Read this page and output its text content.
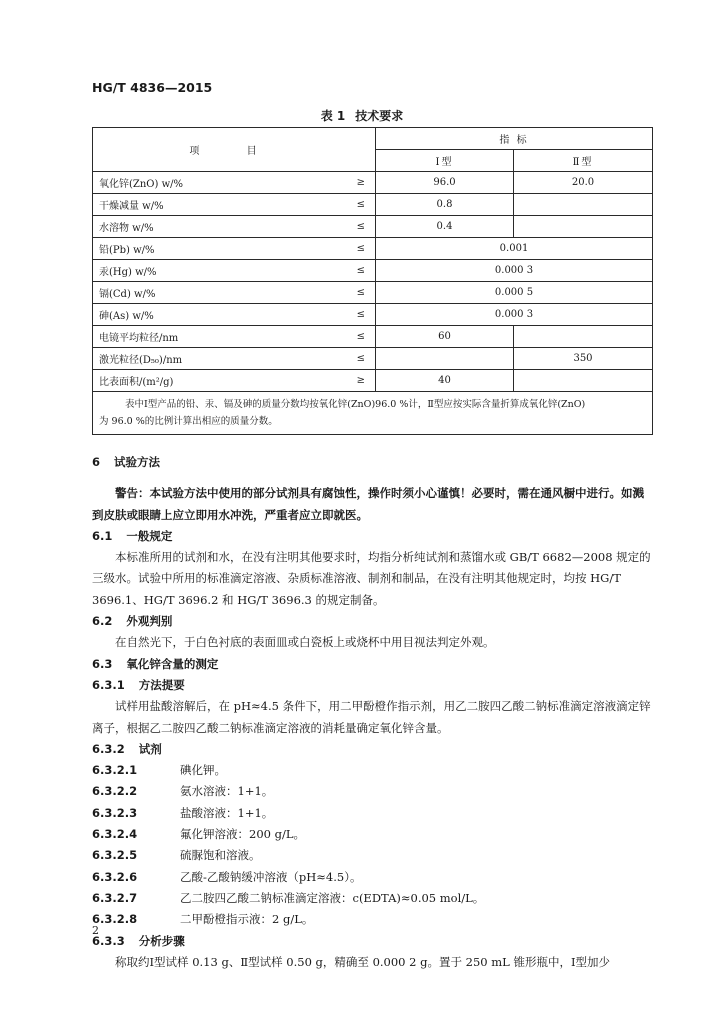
HG/T 4836—2015
表 1 技术要求
项 目		指 标	
		Ⅰ型	Ⅱ型
氧化锌(ZnO) w/%	≥	96.0	20.0
干燥减量 w/%	≤	0.8	
水溶物 w/%	≤	0.4	
铅(Pb) w/%	≤	0.001	
汞(Hg) w/%	≤	0.000 3	
镉(Cd) w/%	≤	0.000 5	
砷(As) w/%	≤	0.000 3	
电镜平均粒径/nm	≤	60	
激光粒径(D₅₀)/nm	≤		350
比表面积/(m²/g)	≥	40	

表中Ⅰ型产品的铅、汞、镉及砷的质量分数均按氧化锌(ZnO)96.0 %计，Ⅱ型应按实际含量折算成氧化锌(ZnO)
为 96.0 %的比例计算出相应的质量分数。			

6 试验方法

警告：本试验方法中使用的部分试剂具有腐蚀性，操作时须小心谨慎！必要时，需在通风橱中进行。如溅到皮肤或眼睛上应立即用水冲洗，严重者应立即就医。

6.1 一般规定

本标准所用的试剂和水，在没有注明其他要求时，均指分析纯试剂和蒸馏水或 GB/T 6682—2008 规定的三级水。试验中所用的标准滴定溶液、杂质标准溶液、制剂和制品，在没有注明其他规定时，均按 HG/T 3696.1、HG/T 3696.2 和 HG/T 3696.3 的规定制备。

6.2 外观判别

在自然光下，于白色衬底的表面皿或白瓷板上或烧杯中用目视法判定外观。

6.3 氧化锌含量的测定

6.3.1 方法提要

试样用盐酸溶解后，在 pH≈4.5 条件下，用二甲酚橙作指示剂，用乙二胺四乙酸二钠标准滴定溶液滴定锌离子，根据乙二胺四乙酸二钠标准滴定溶液的消耗量确定氧化锌含量。

6.3.2 试剂

6.3.2.1	碘化钾。

6.3.2.2	氨水溶液：1+1。

6.3.2.3	盐酸溶液：1+1。

6.3.2.4	氟化钾溶液：200 g/L。

6.3.2.5	硫脲饱和溶液。

6.3.2.6	乙酸-乙酸钠缓冲溶液（pH≈4.5）。

6.3.2.7	乙二胺四乙酸二钠标准滴定溶液：c(EDTA)≈0.05 mol/L。

6.3.2.8	二甲酚橙指示液：2 g/L。

6.3.3 分析步骤

称取约Ⅰ型试样 0.13 g、Ⅱ型试样 0.50 g，精确至 0.000 2 g。置于 250 mL 锥形瓶中，Ⅰ型加少

2
